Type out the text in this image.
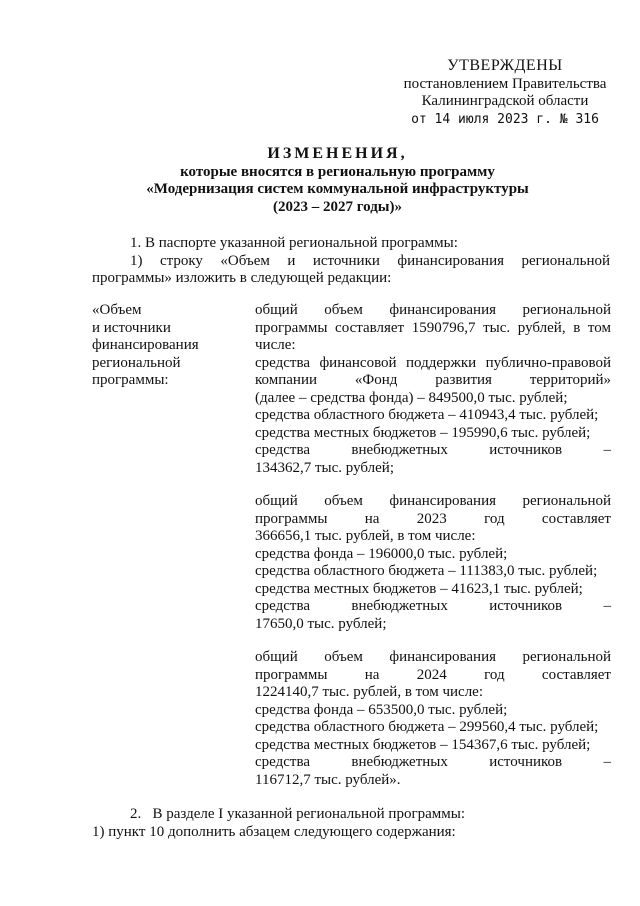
УТВЕРЖДЕНЫ
постановлением Правительства
Калининградской области
от 14 июля 2023 г. № 316
ИЗМЕНЕНИЯ,
которые вносятся в региональную программу
«Модернизация систем коммунальной инфраструктуры
(2023 – 2027 годы)»
1. В паспорте указанной региональной программы:
1) строку «Объем и источники финансирования региональной программы» изложить в следующей редакции:
«Объем
и источники
финансирования
региональной
программы:
общий объем финансирования региональной
программы составляет 1590796,7 тыс. рублей, в том
числе:
средства финансовой поддержки публично-правовой
компании «Фонд развития территорий»
(далее – средства фонда) – 849500,0 тыс. рублей;
средства областного бюджета – 410943,4 тыс. рублей;
средства местных бюджетов – 195990,6 тыс. рублей;
средства внебюджетных источников –
134362,7 тыс. рублей;
общий объем финансирования региональной
программы на 2023 год составляет
366656,1 тыс. рублей, в том числе:
средства фонда – 196000,0 тыс. рублей;
средства областного бюджета – 111383,0 тыс. рублей;
средства местных бюджетов – 41623,1 тыс. рублей;
средства внебюджетных источников –
17650,0 тыс. рублей;
общий объем финансирования региональной
программы на 2024 год составляет
1224140,7 тыс. рублей, в том числе:
средства фонда – 653500,0 тыс. рублей;
средства областного бюджета – 299560,4 тыс. рублей;
средства местных бюджетов – 154367,6 тыс. рублей;
средства внебюджетных источников –
116712,7 тыс. рублей».
2.   В разделе I указанной региональной программы:
1) пункт 10 дополнить абзацем следующего содержания:
